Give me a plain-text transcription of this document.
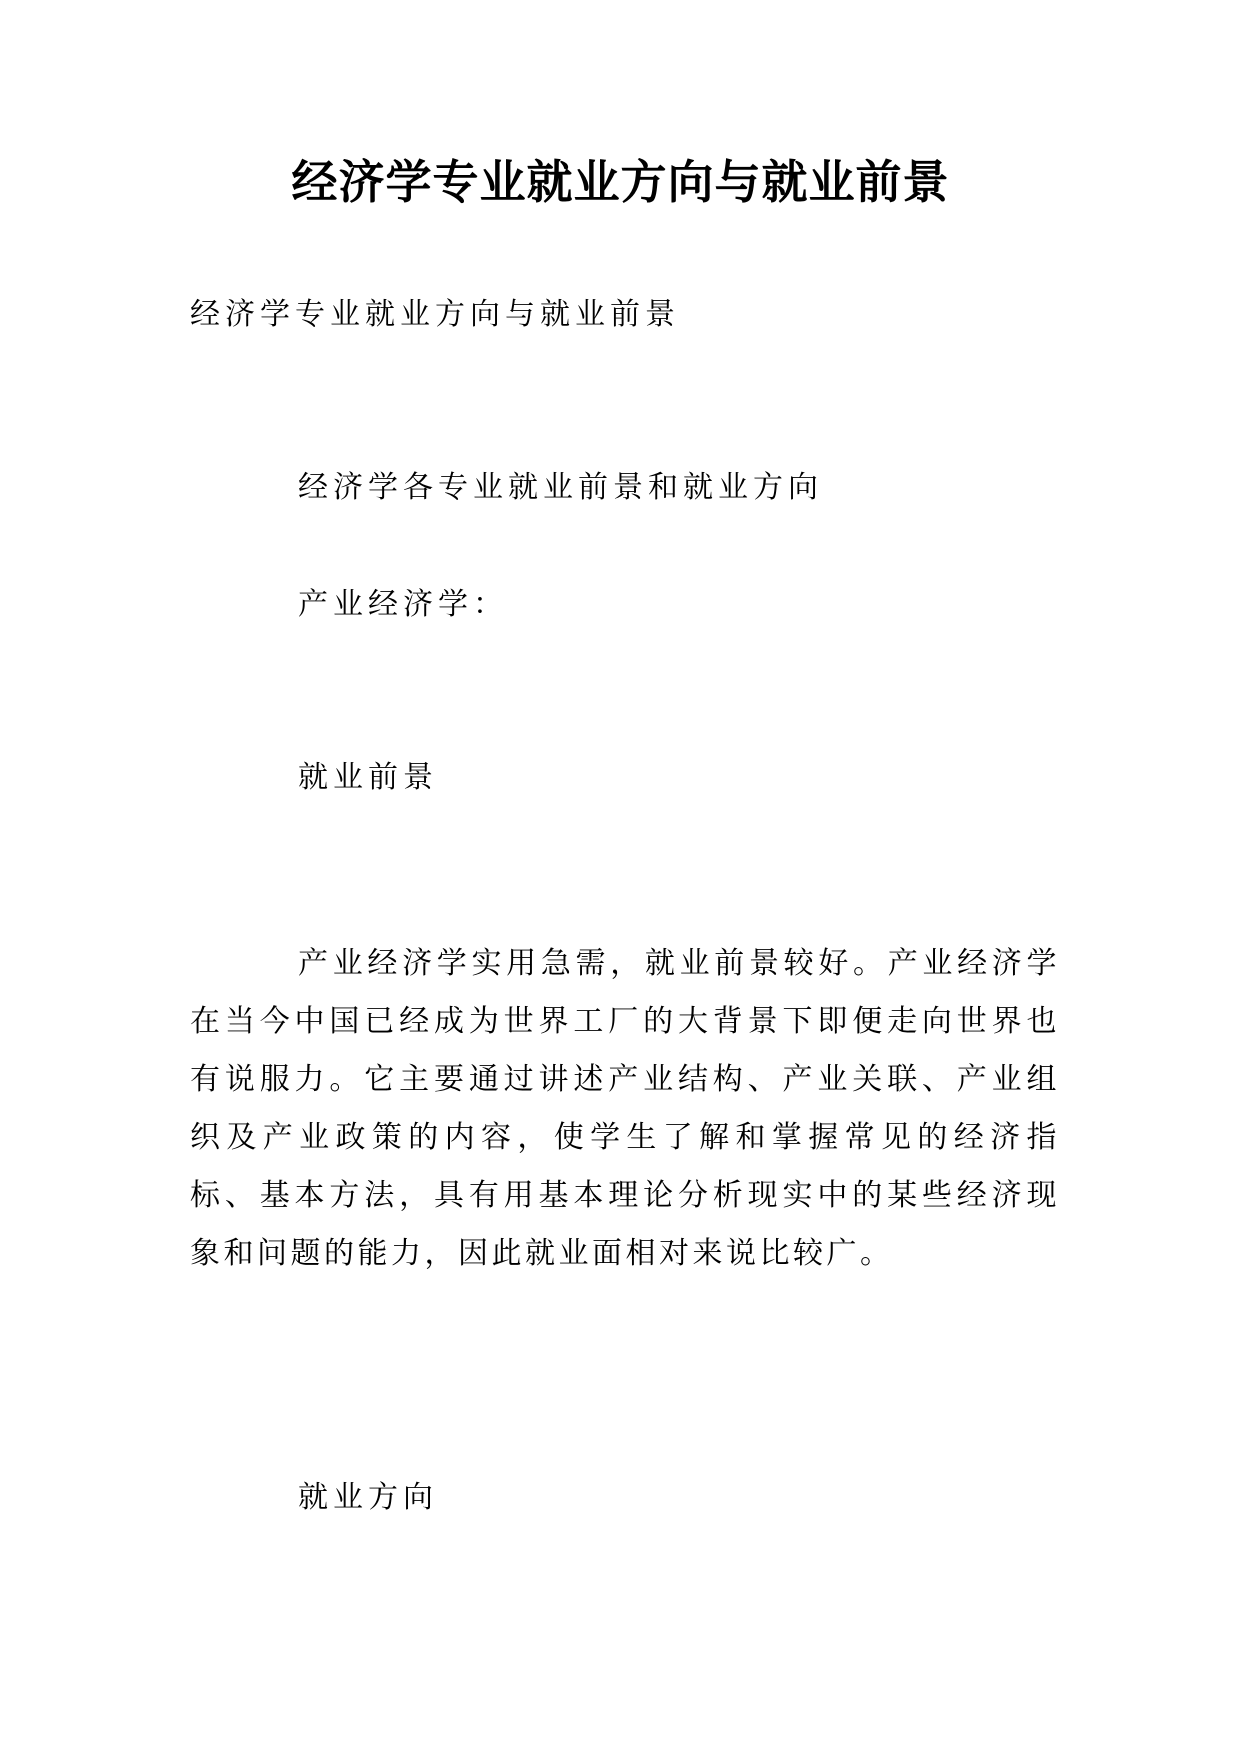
经济学专业就业方向与就业前景
经济学专业就业方向与就业前景
经济学各专业就业前景和就业方向
产业经济学：
就业前景
产业经济学实用急需，就业前景较好。产业经济学在当今中国已经成为世界工厂的大背景下即便走向世界也有说服力。它主要通过讲述产业结构、产业关联、产业组织及产业政策的内容，使学生了解和掌握常见的经济指标、基本方法，具有用基本理论分析现实中的某些经济现象和问题的能力，因此就业面相对来说比较广。
就业方向
